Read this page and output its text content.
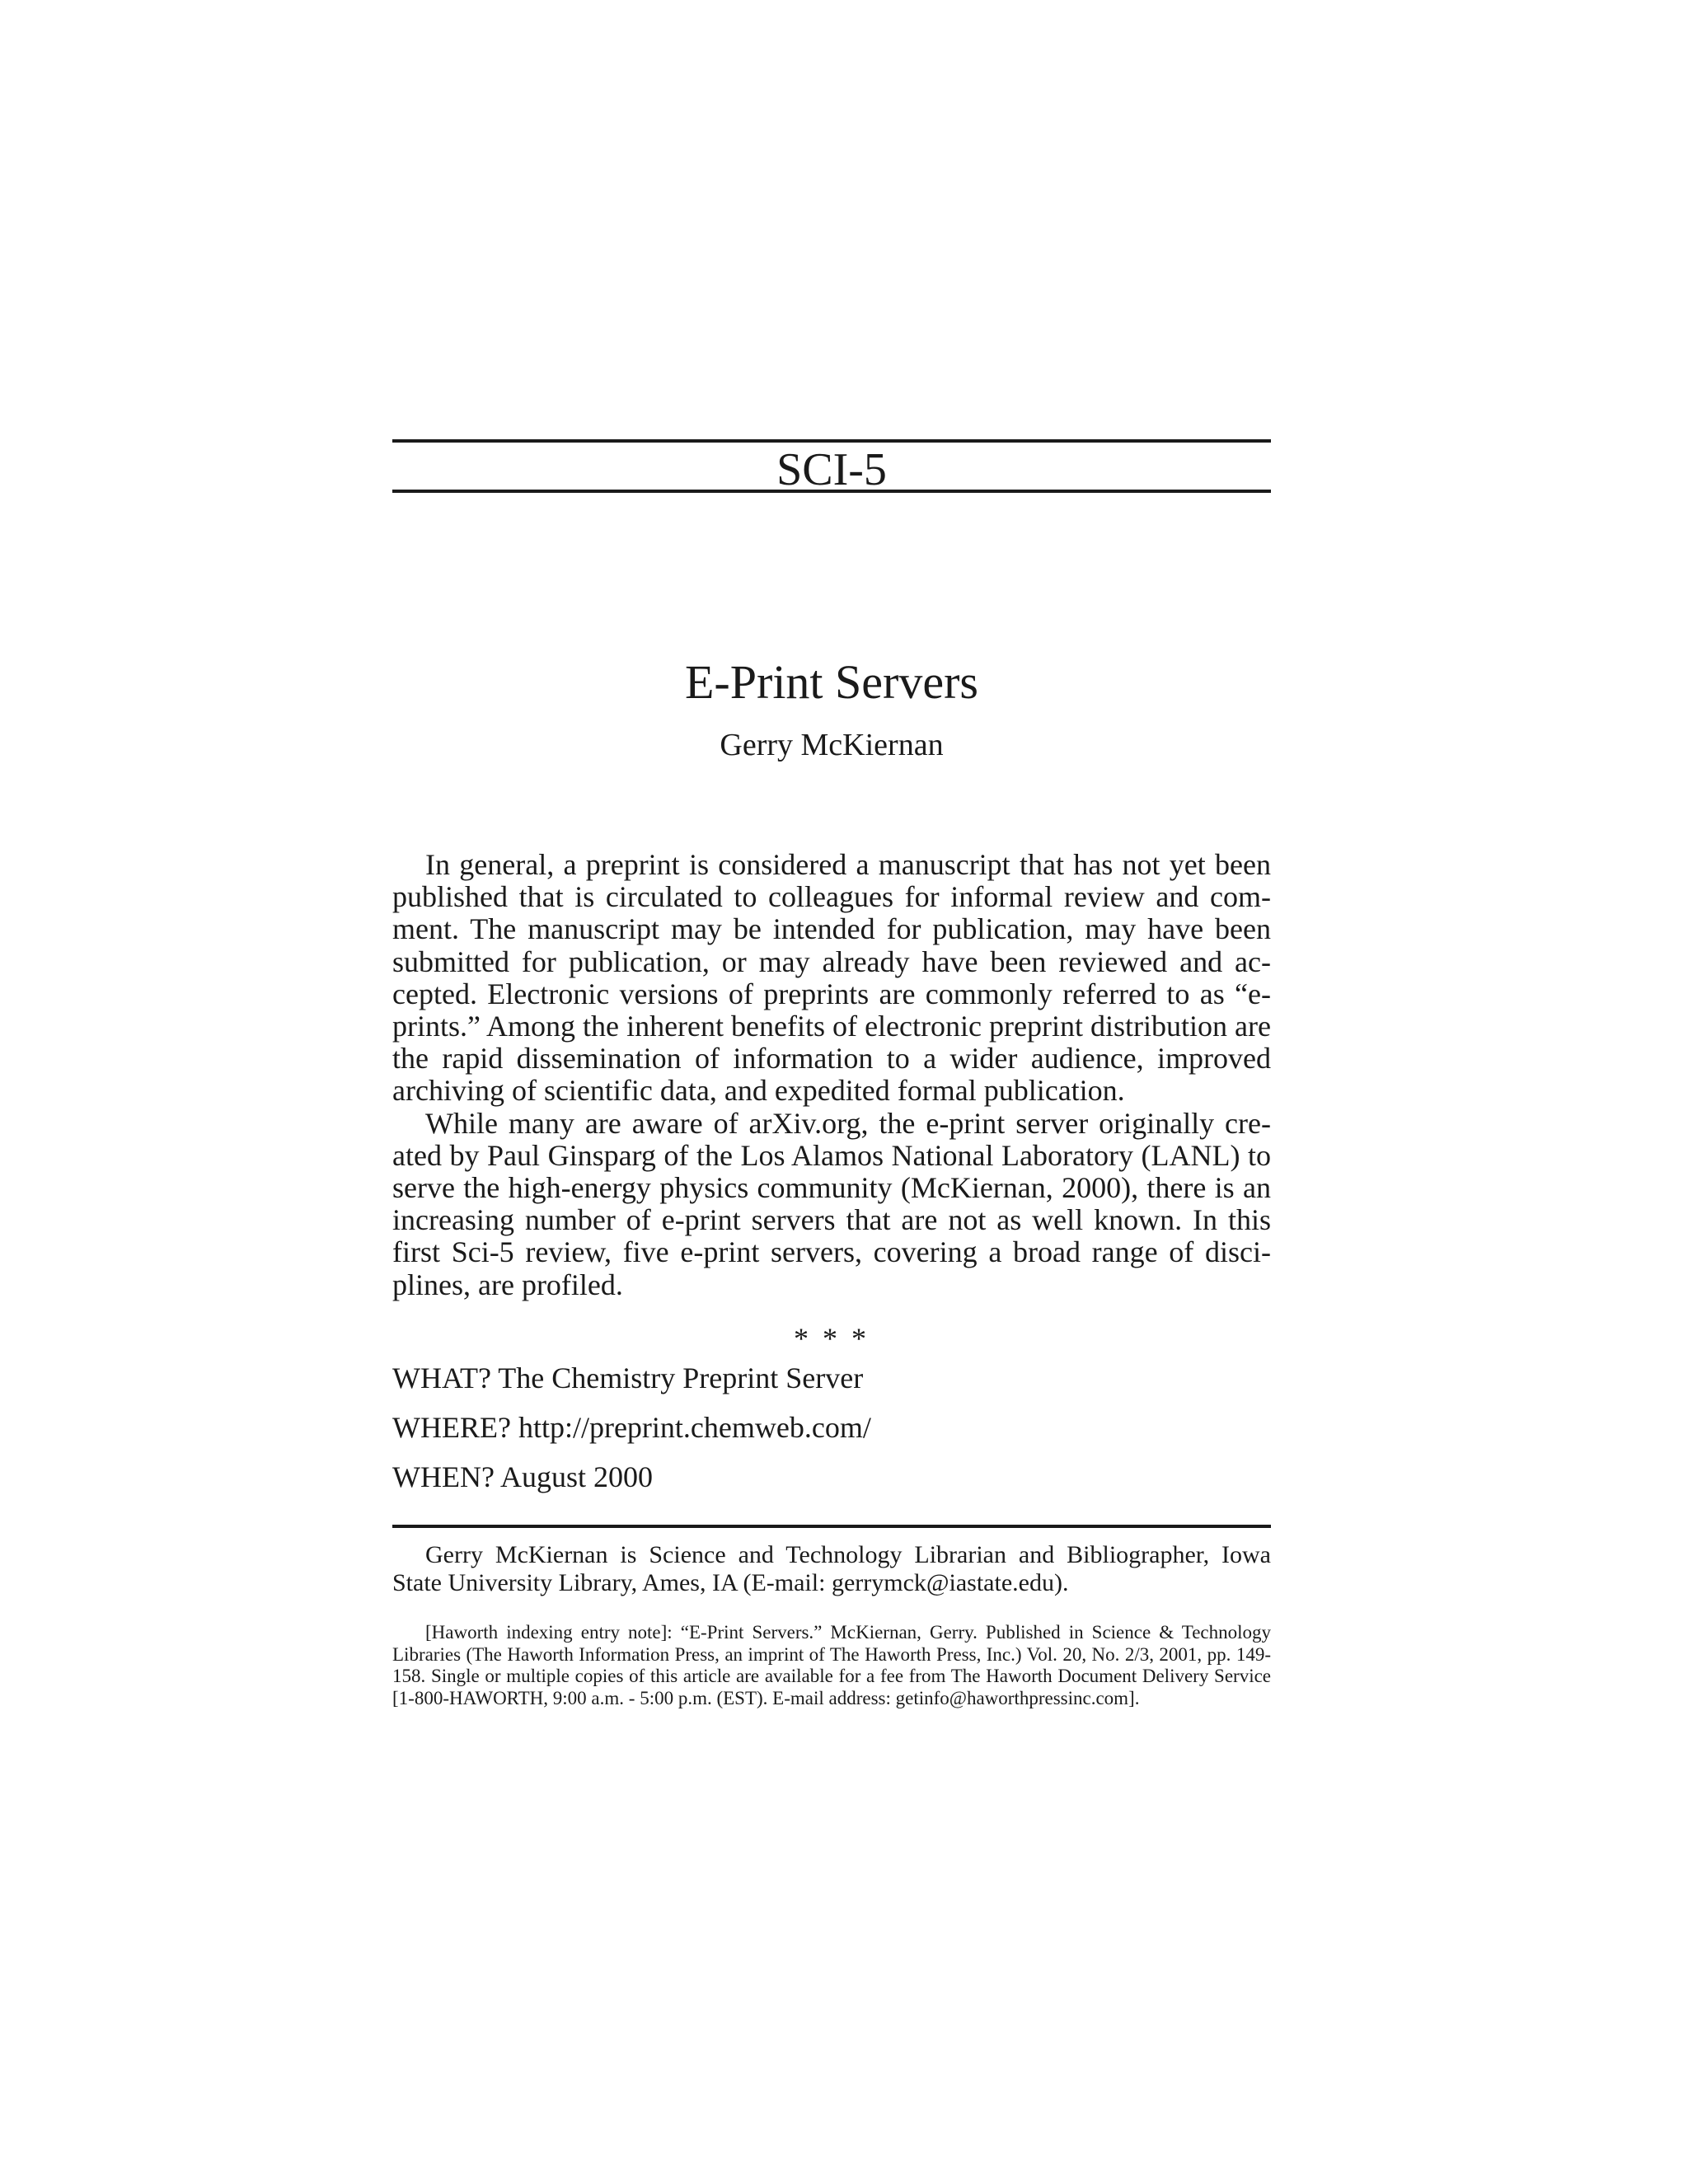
SCI-5
E-Print Servers
Gerry McKiernan

In general, a preprint is considered a manuscript that has not yet been published that is circulated to colleagues for informal review and comment. The manuscript may be intended for publication, may have been submitted for publication, or may already have been reviewed and accepted. Electronic versions of preprints are commonly referred to as “e-prints.” Among the inherent benefits of electronic preprint distribution are the rapid dissemination of information to a wider audience, improved archiving of scientific data, and expedited formal publication.

While many are aware of arXiv.org, the e-print server originally created by Paul Ginsparg of the Los Alamos National Laboratory (LANL) to serve the high-energy physics community (McKiernan, 2000), there is an increasing number of e-print servers that are not as well known. In this first Sci-5 review, five e-print servers, covering a broad range of disciplines, are profiled.

* * *
WHAT? The Chemistry Preprint Server
WHERE? http://preprint.chemweb.com/
WHEN? August 2000

Gerry McKiernan is Science and Technology Librarian and Bibliographer, Iowa State University Library, Ames, IA (E-mail: gerrymck@iastate.edu).

[Haworth indexing entry note]: “E-Print Servers.” McKiernan, Gerry. Published in Science & Technology Libraries (The Haworth Information Press, an imprint of The Haworth Press, Inc.) Vol. 20, No. 2/3, 2001, pp. 149-158. Single or multiple copies of this article are available for a fee from The Haworth Document Delivery Service [1-800-HAWORTH, 9:00 a.m. - 5:00 p.m. (EST). E-mail address: getinfo@haworthpressinc.com].
